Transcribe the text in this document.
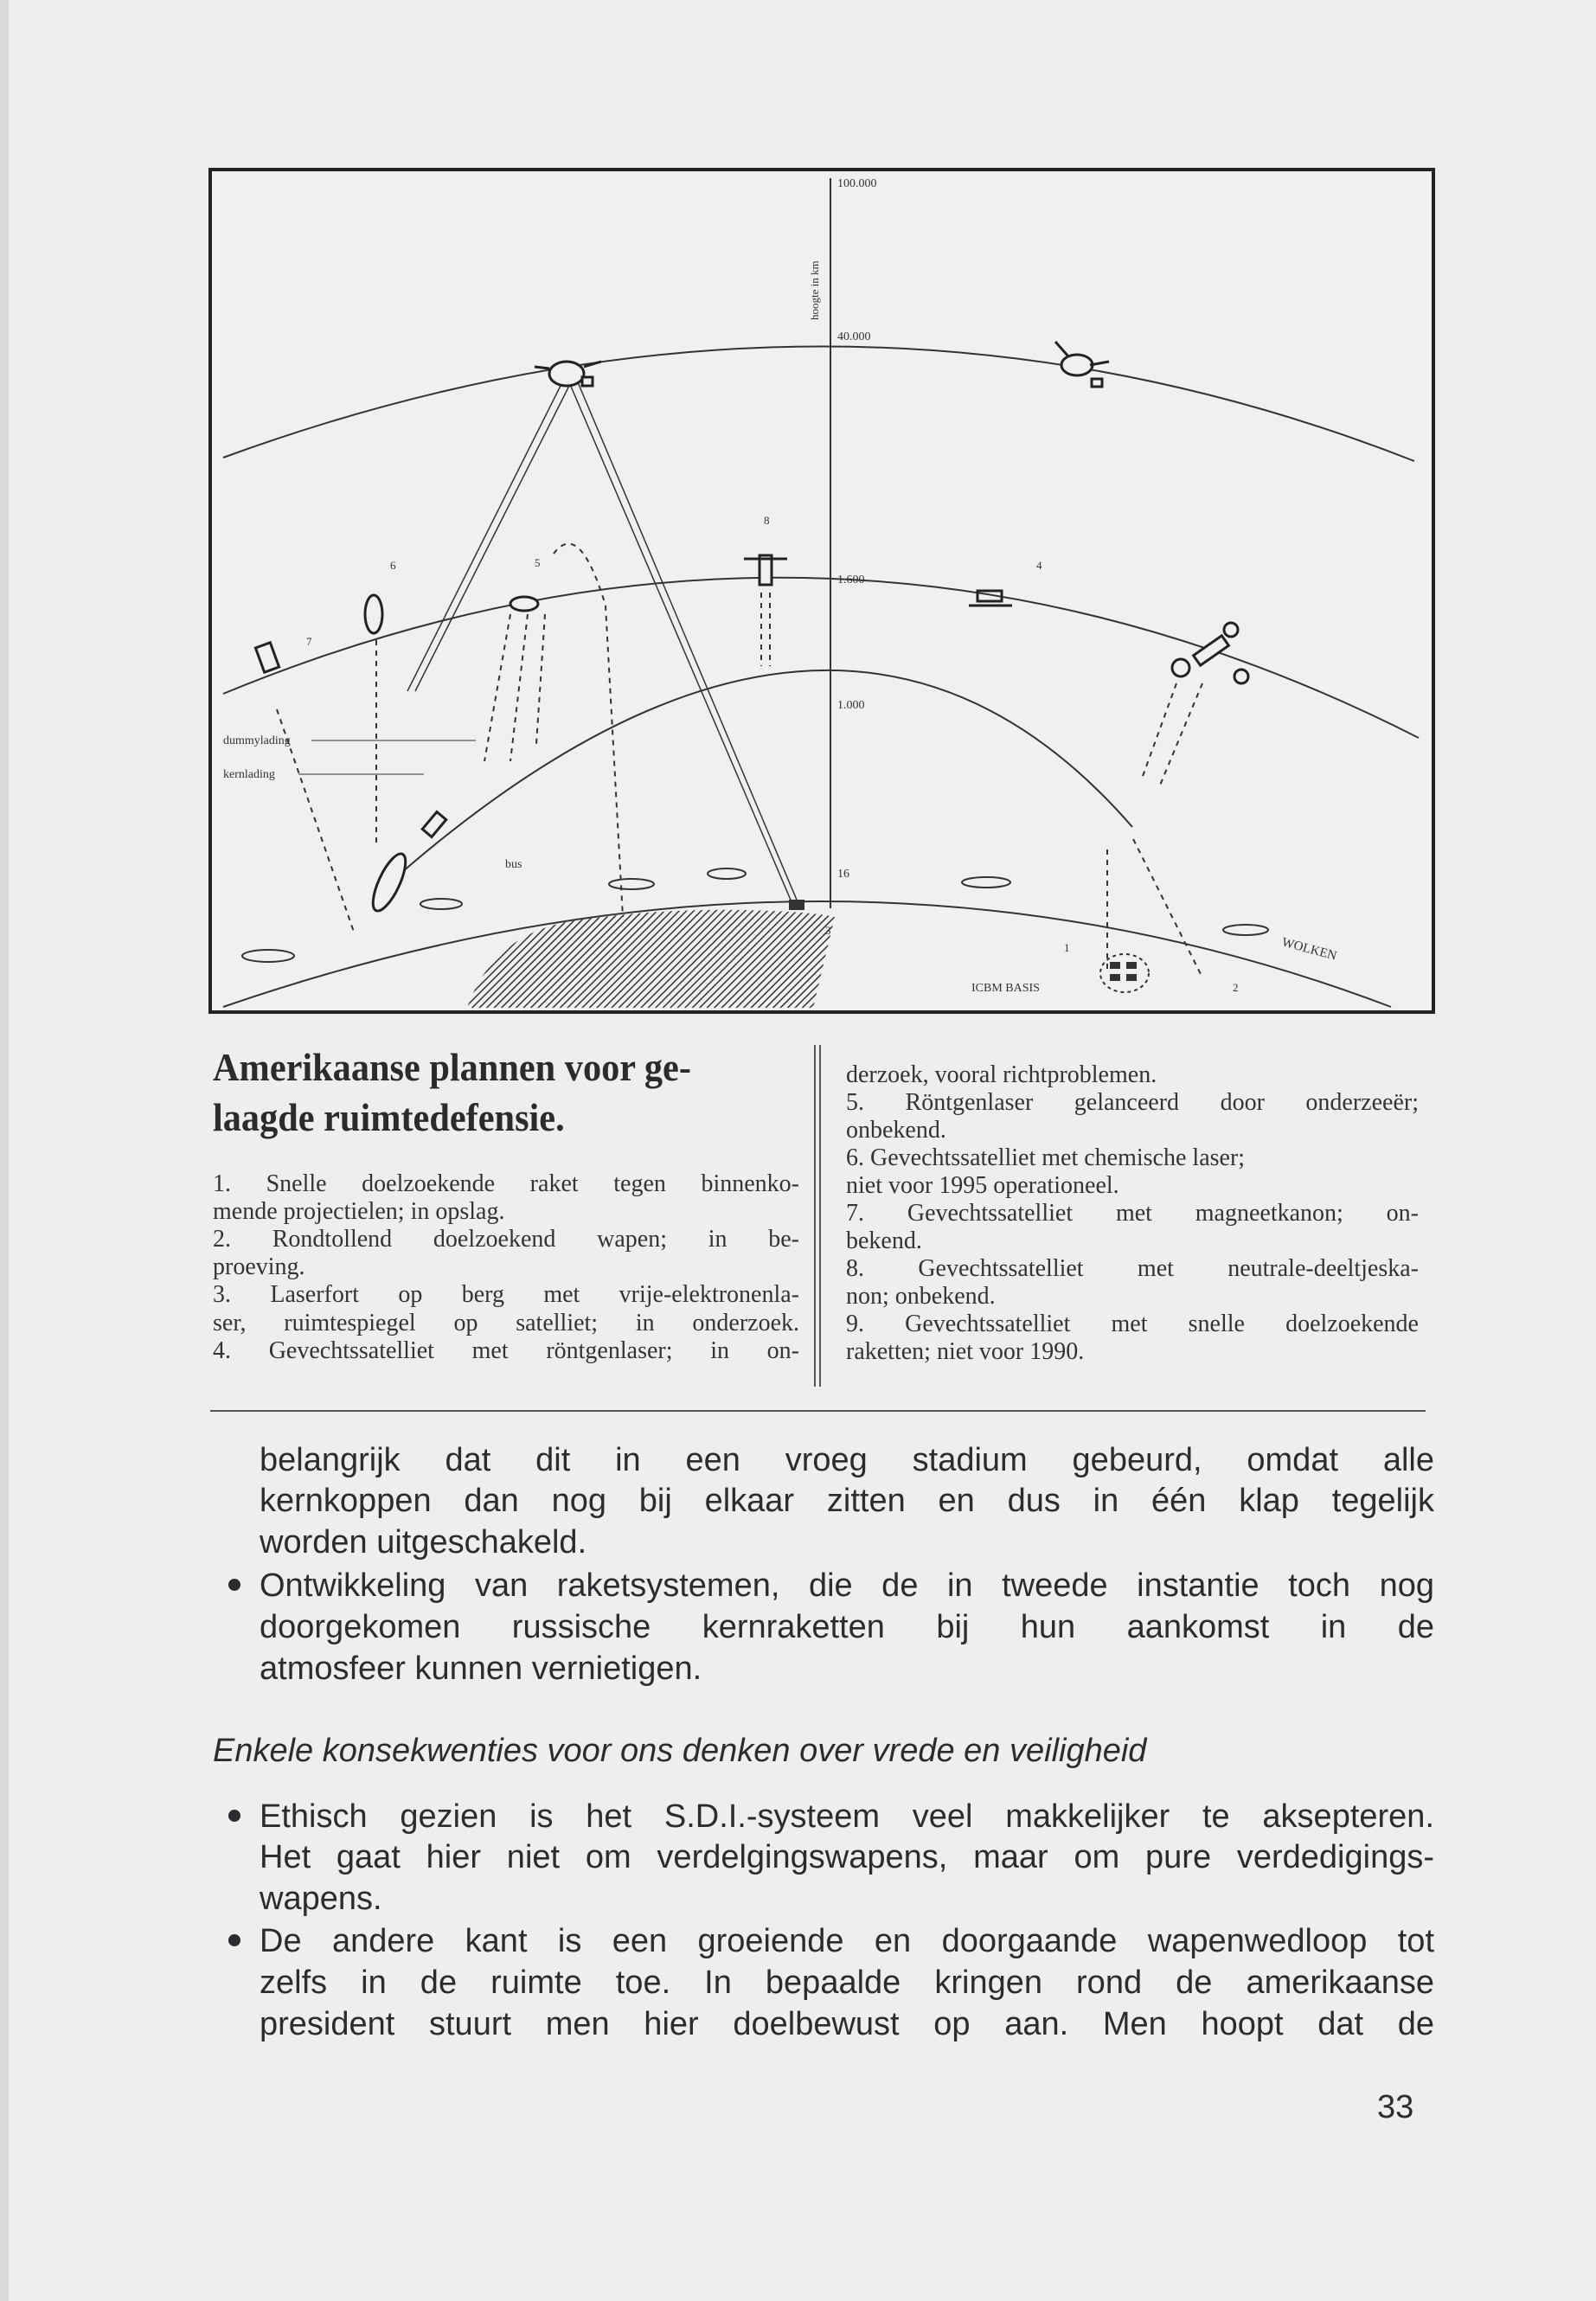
hoogte in km
100.000
40.000
1.600
1.000
16
dummylading
kernlading
bus
WOLKEN
ICBM BASIS
1
2
3
4
5
6
7
8
Amerikaanse plannen voor ge-
laagde ruimtedefensie.
1. Snelle doelzoekende raket tegen binnenko-
mende projectielen; in opslag.
2. Rondtollend doelzoekend wapen; in be-
proeving.
3. Laserfort op berg met vrije-elektronenla-
ser, ruimtespiegel op satelliet; in onderzoek.
4. Gevechtssatelliet met röntgenlaser; in on-
derzoek, vooral richtproblemen.
5. Röntgenlaser gelanceerd door onderzeeër;
onbekend.
6. Gevechtssatelliet met chemische laser;
niet voor 1995 operationeel.
7. Gevechtssatelliet met magneetkanon; on-
bekend.
8. Gevechtssatelliet met neutrale-deeltjeska-
non; onbekend.
9. Gevechtssatelliet met snelle doelzoekende
raketten; niet voor 1990.
belangrijk dat dit in een vroeg stadium gebeurd, omdat alle
kernkoppen dan nog bij elkaar zitten en dus in één klap tegelijk
worden uitgeschakeld.
Ontwikkeling van raketsystemen, die de in tweede instantie toch nog
doorgekomen russische kernraketten bij hun aankomst in de
atmosfeer kunnen vernietigen.
Enkele konsekwenties voor ons denken over vrede en veiligheid
Ethisch gezien is het S.D.I.-systeem veel makkelijker te aksepteren.
Het gaat hier niet om verdelgingswapens, maar om pure verdedigings-
wapens.
De andere kant is een groeiende en doorgaande wapenwedloop tot
zelfs in de ruimte toe. In bepaalde kringen rond de amerikaanse
president stuurt men hier doelbewust op aan. Men hoopt dat de
33
